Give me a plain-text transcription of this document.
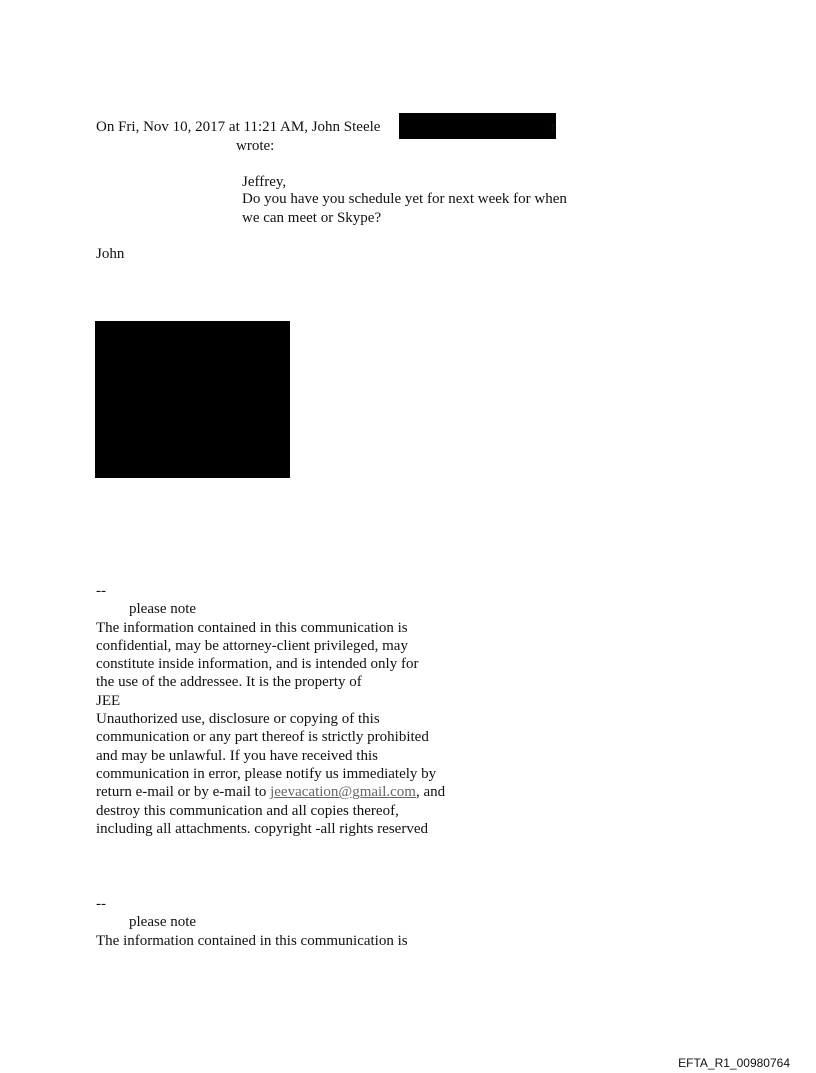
On Fri, Nov 10, 2017 at 11:21 AM, John Steele	r
wrote:
Jeffrey,
Do you have you schedule yet for next week for when
we can meet or Skype?
John
--
please note
The information contained in this communication is
confidential, may be attorney-client privileged, may
constitute inside information, and is intended only for
the use of the addressee. It is the property of
JEE
Unauthorized use, disclosure or copying of this
communication or any part thereof is strictly prohibited
and may be unlawful. If you have received this
communication in error, please notify us immediately by
return e-mail or by e-mail to jeevacation@gmail.com, and
destroy this communication and all copies thereof,
including all attachments. copyright -all rights reserved
--
please note
The information contained in this communication is
EFTA_R1_00980764
